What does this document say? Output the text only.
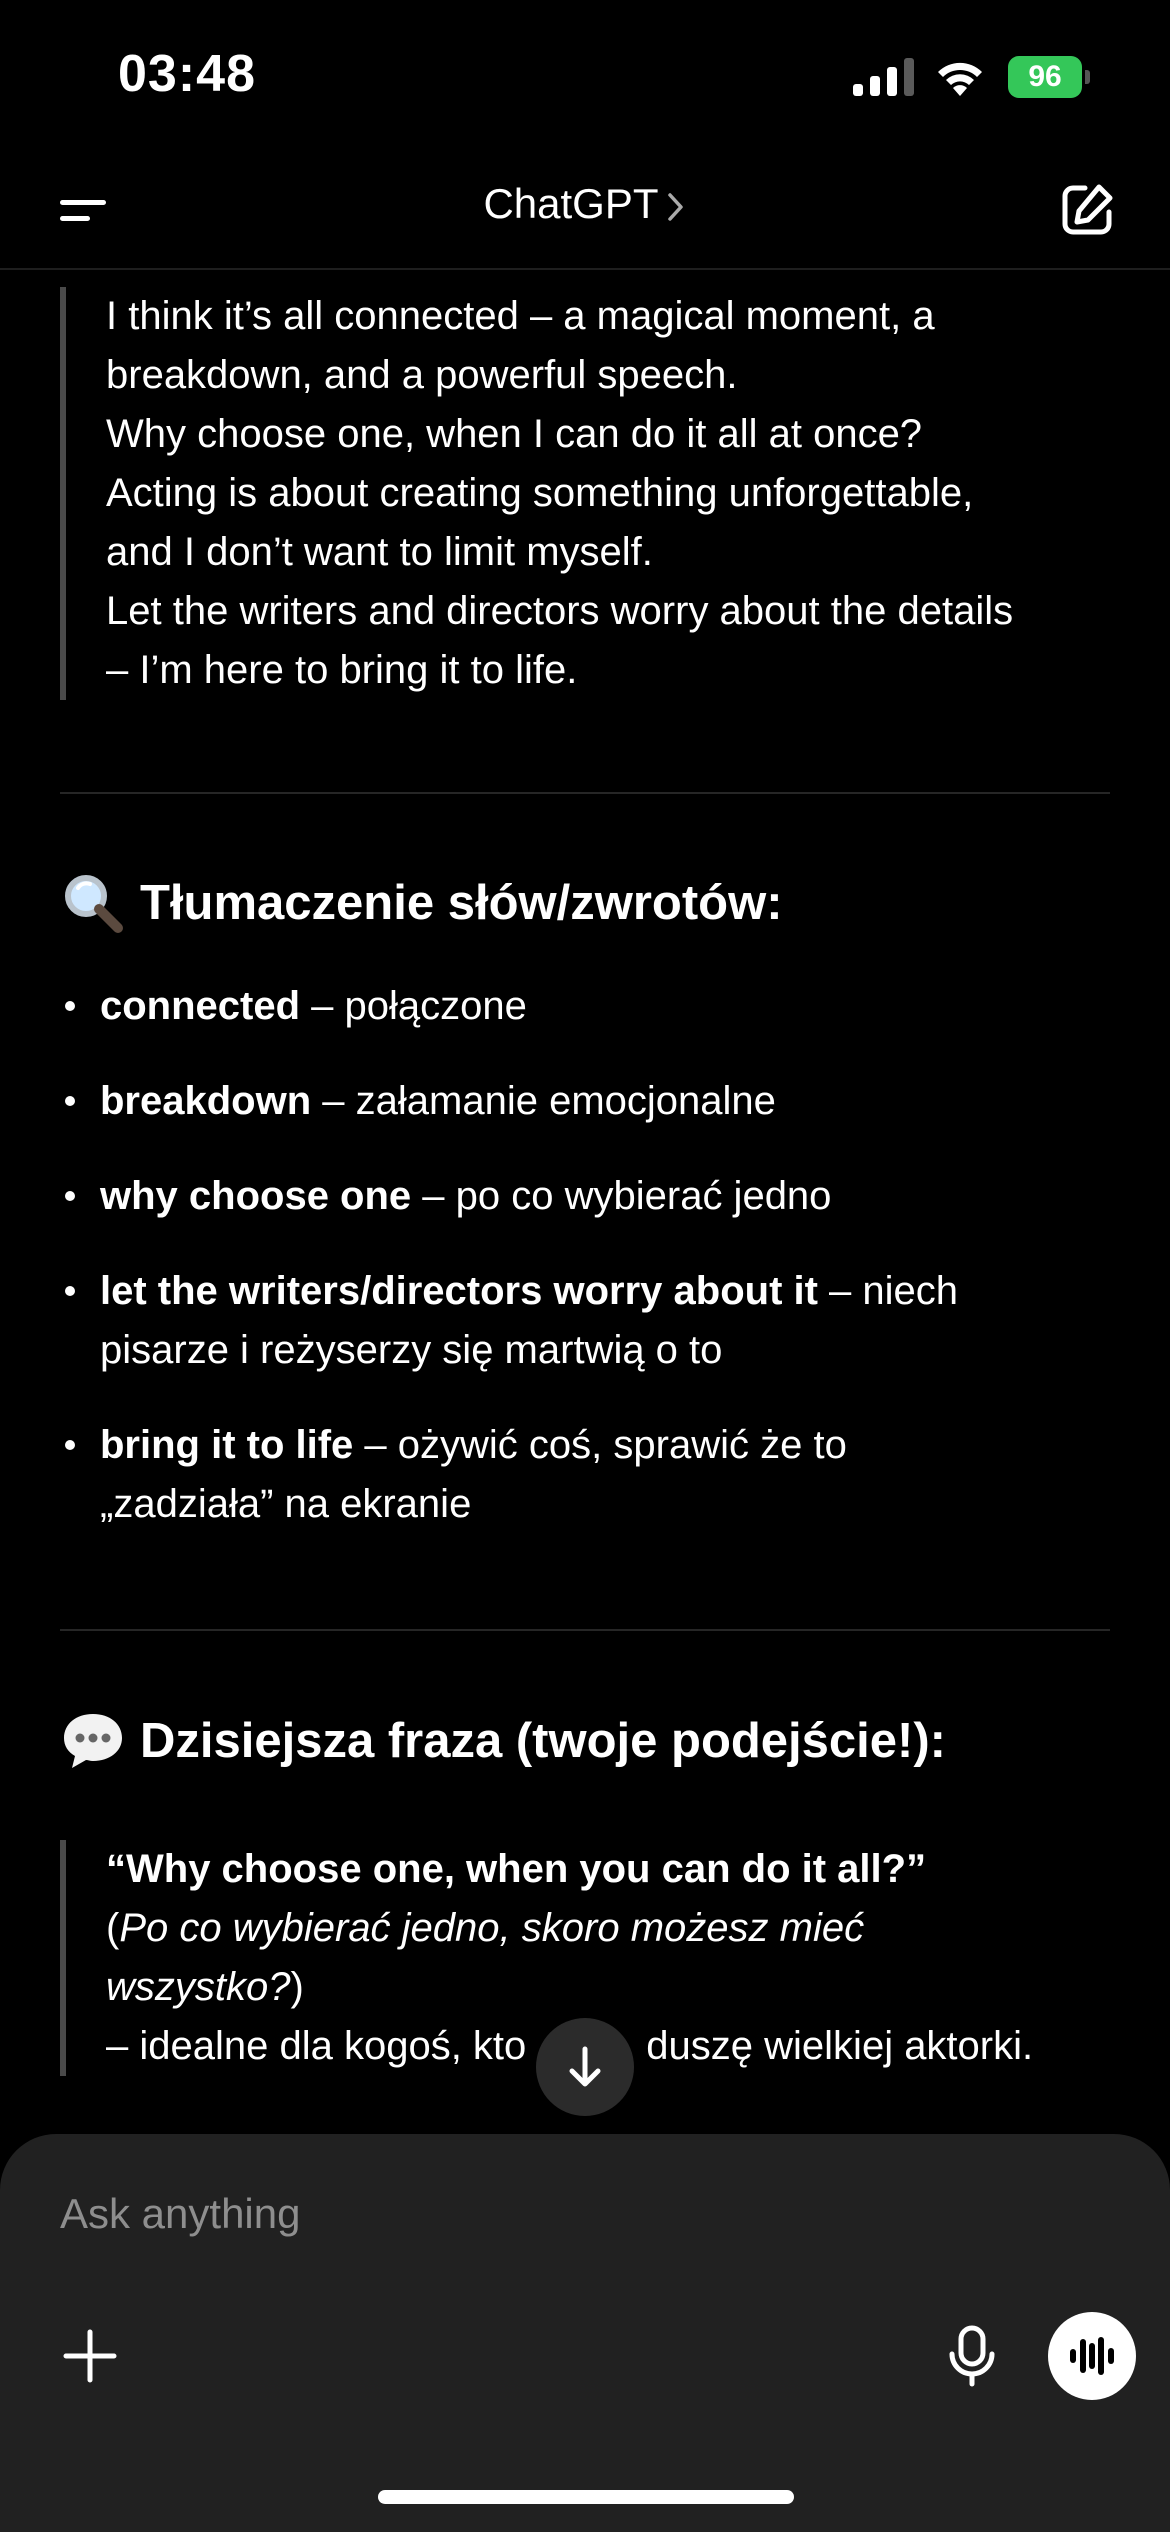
03:48	96
ChatGPT
I think it’s all connected – a magical moment, a
breakdown, and a powerful speech.
Why choose one, when I can do it all at once?
Acting is about creating something unforgettable,
and I don’t want to limit myself.
Let the writers and directors worry about the details
– I’m here to bring it to life.
Tłumaczenie słów/zwrotów:
connected – połączone
breakdown – załamanie emocjonalne
why choose one – po co wybierać jedno
let the writers/directors worry about it – niech
pisarze i reżyserzy się martwią o to
bring it to life – ożywić coś, sprawić że to
„zadziała” na ekranie
Dzisiejsza fraza (twoje podejście!):
“Why choose one, when you can do it all?”
(Po co wybierać jedno, skoro możesz mieć
wszystko?)
– idealne dla kogoś, kto	duszę wielkiej aktorki.
Ask anything
